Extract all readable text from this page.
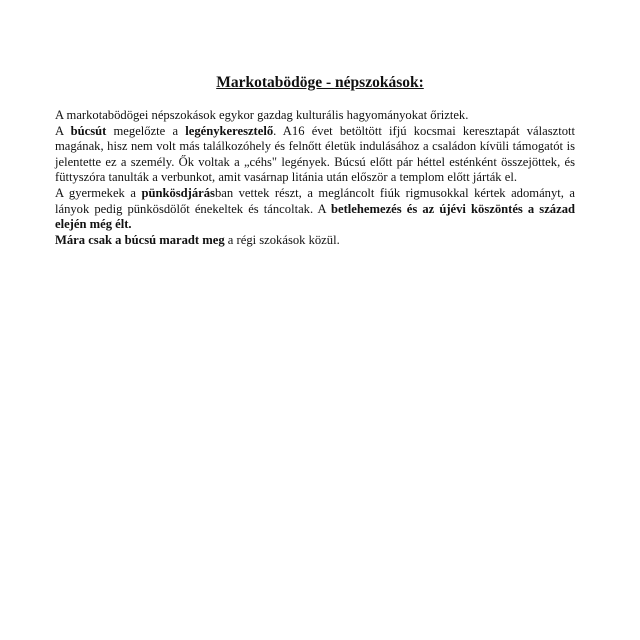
Markotabödöge - népszokások:

A markotabödögei népszokások egykor gazdag kulturális hagyományokat őriztek.

A búcsút megelőzte a legénykeresztelő. A16 évet betöltött ifjú kocsmai keresztapát választott magának, hisz nem volt más találkozóhely és felnőtt életük indulásához a családon kívüli támogatót is jelentette ez a személy. Ők voltak a „céhs" legények. Búcsú előtt pár héttel esténként összejöttek, és füttyszóra tanulták a verbunkot, amit vasárnap litánia után először a templom előtt járták el.

A gyermekek a pünkösdjárásban vettek részt, a megláncolt fiúk rigmusokkal kértek adományt, a lányok pedig pünkösdölőt énekeltek és táncoltak. A betlehemezés és az újévi köszöntés a század elején még élt.

Mára csak a búcsú maradt meg a régi szokások közül.
